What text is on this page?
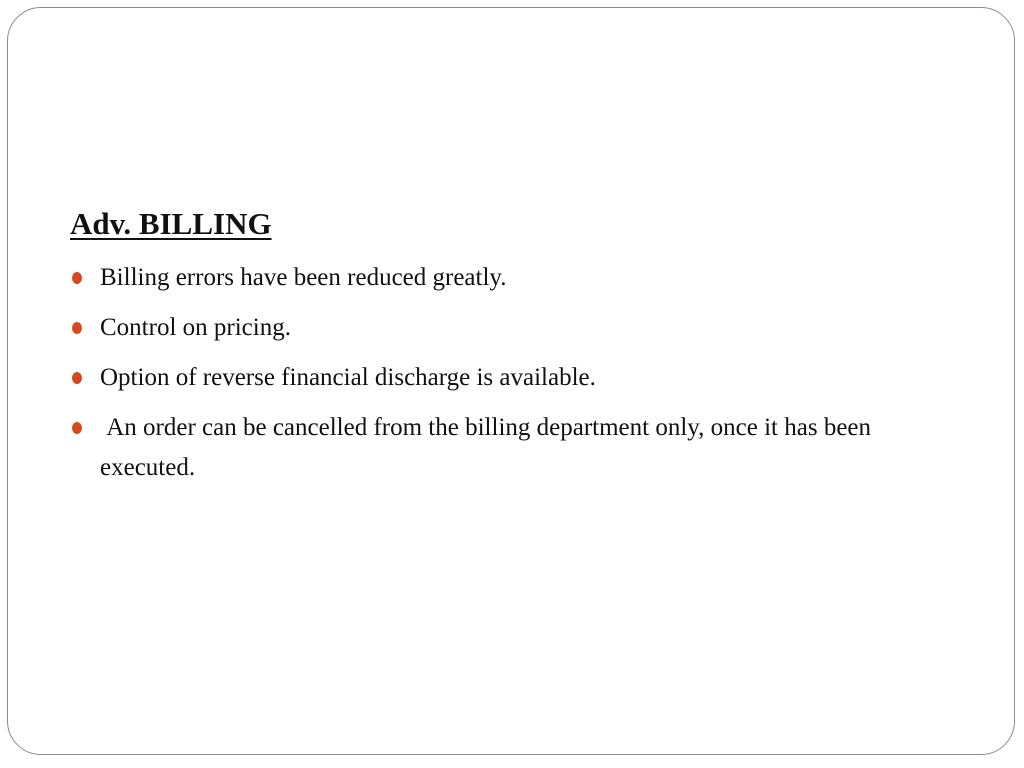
Adv. BILLING
Billing errors have been reduced greatly.
Control on pricing.
Option of reverse financial discharge is available.
An order can be cancelled from the billing department only, once it has been executed.
